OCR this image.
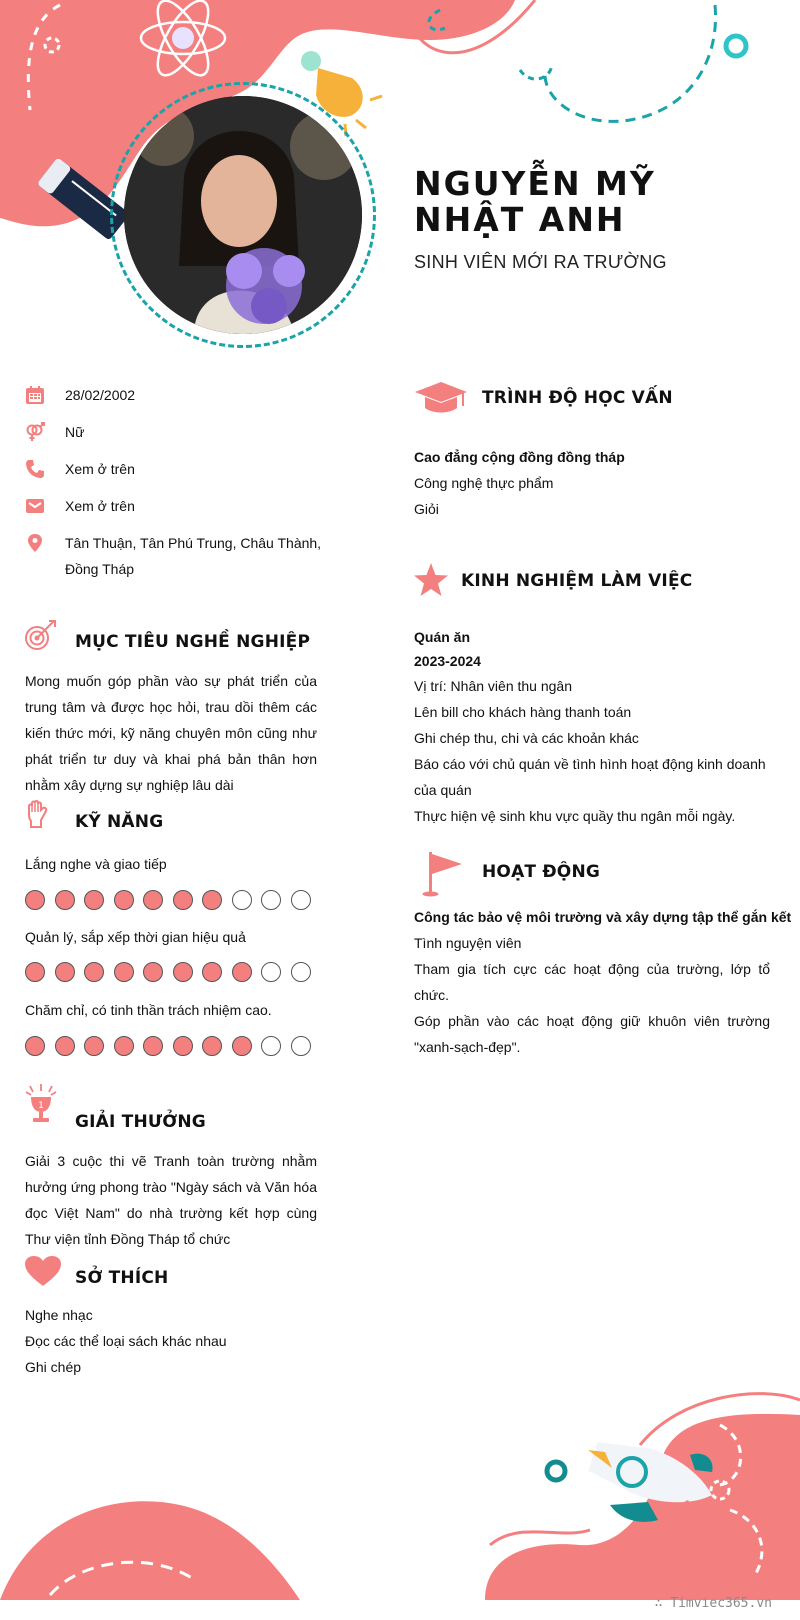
NGUYỄN MỸ NHẬT ANH
SINH VIÊN MỚI RA TRƯỜNG
28/02/2002
Nữ
Xem ở trên
Xem ở trên
Tân Thuận, Tân Phú Trung, Châu Thành, Đồng Tháp
MỤC TIÊU NGHỀ NGHIỆP
Mong muốn góp phần vào sự phát triển của trung tâm và được học hỏi, trau dồi thêm các kiến thức mới, kỹ năng chuyên môn cũng như phát triển tư duy và khai phá bản thân hơn nhằm xây dựng sự nghiệp lâu dài
KỸ NĂNG
Lắng nghe và giao tiếp
Quản lý, sắp xếp thời gian hiệu quả
Chăm chỉ, có tinh thần trách nhiệm cao.
1
GIẢI THƯỞNG
Giải 3 cuộc thi vẽ Tranh toàn trường nhằm hưởng ứng phong trào "Ngày sách và Văn hóa đọc Việt Nam" do nhà trường kết hợp cùng Thư viện tỉnh Đồng Tháp tổ chức
SỞ THÍCH
Nghe nhạc
Đọc các thể loại sách khác nhau
Ghi chép
TRÌNH ĐỘ HỌC VẤN
Cao đẳng cộng đồng đồng tháp
Công nghệ thực phẩm
Giỏi
KINH NGHIỆM LÀM VIỆC
Quán ăn
2023-2024
Vị trí: Nhân viên thu ngân
Lên bill cho khách hàng thanh toán
Ghi chép thu, chi và các khoản khác
Báo cáo với chủ quán về tình hình hoạt động kinh doanh của quán
Thực hiện vệ sinh khu vực quầy thu ngân mỗi ngày.
HOẠT ĐỘNG
Công tác bảo vệ môi trường và xây dựng tập thể gắn kết
Tình nguyện viên
Tham gia tích cực các hoạt động của trường, lớp tổ chức.
Góp phần vào các hoạt động giữ khuôn viên trường "xanh-sạch-đẹp".
∴ Timviec365.vn
